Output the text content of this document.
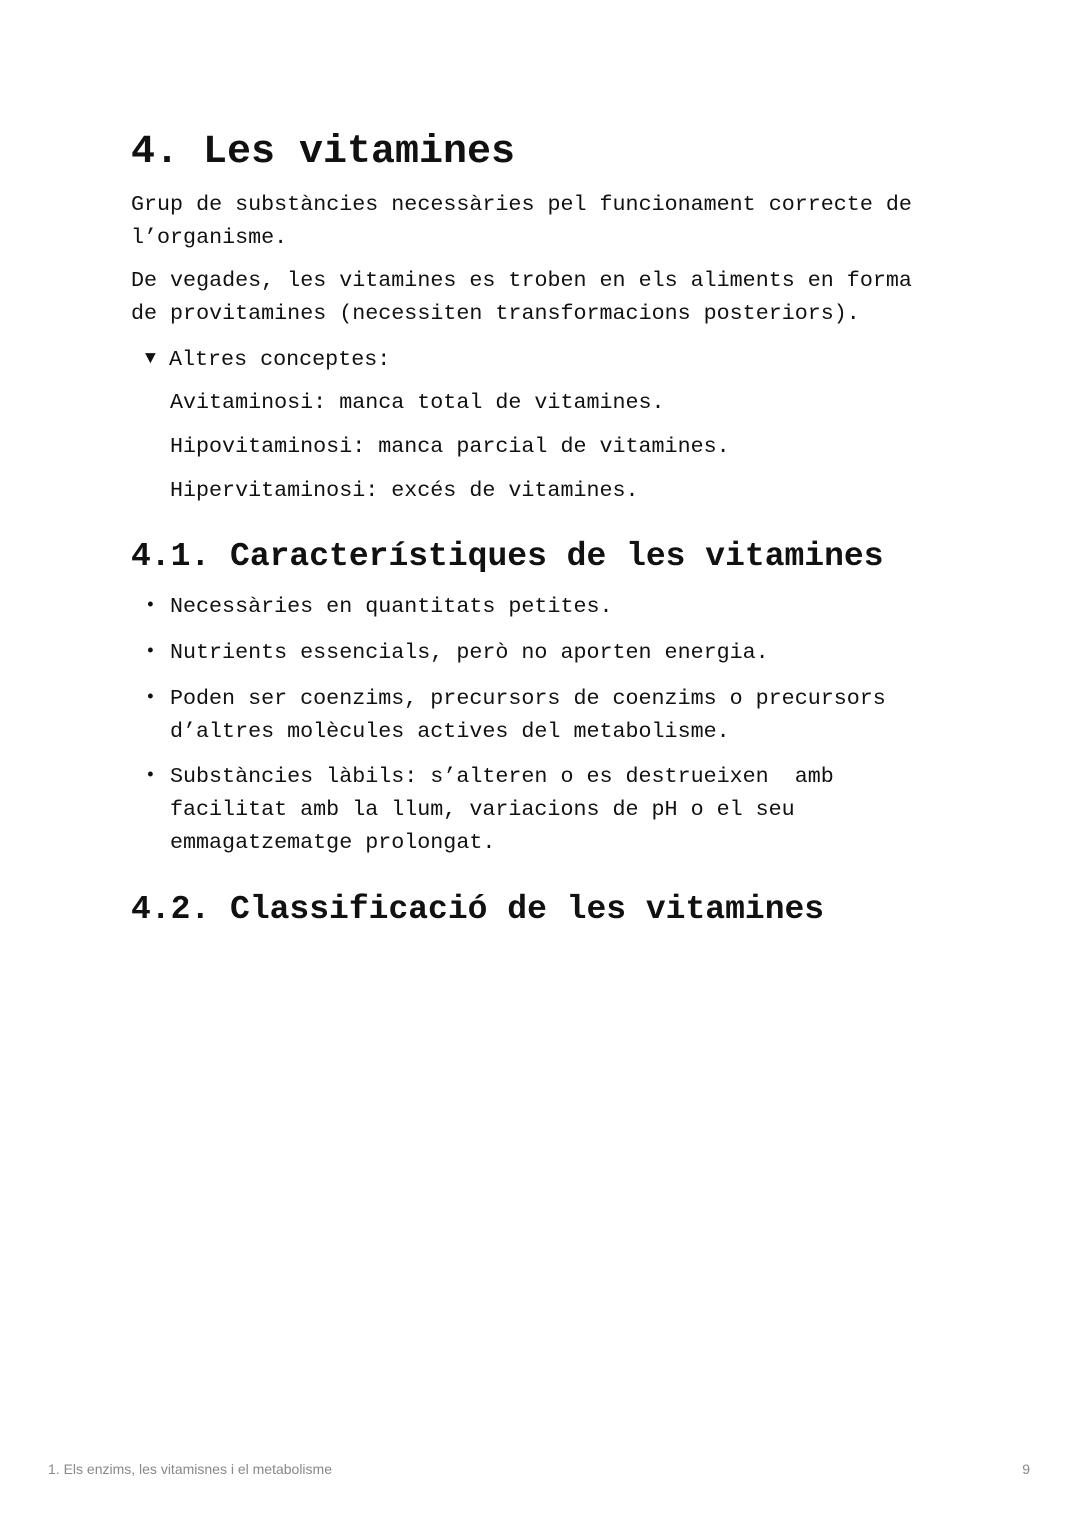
4. Les vitamines
Grup de substàncies necessàries pel funcionament correcte de
l’organisme.
De vegades, les vitamines es troben en els aliments en forma
de provitamines (necessiten transformacions posteriors).
▼ Altres conceptes:
Avitaminosi: manca total de vitamines.
Hipovitaminosi: manca parcial de vitamines.
Hipervitaminosi: excés de vitamines.
4.1. Característiques de les vitamines
• Necessàries en quantitats petites.
• Nutrients essencials, però no aporten energia.
• Poden ser coenzims, precursors de coenzims o precursors
d’altres molècules actives del metabolisme.
• Substàncies làbils: s’alteren o es destrueixen  amb
facilitat amb la llum, variacions de pH o el seu
emmagatzematge prolongat.
4.2. Classificació de les vitamines
1. Els enzims, les vitamisnes i el metabolisme	9
